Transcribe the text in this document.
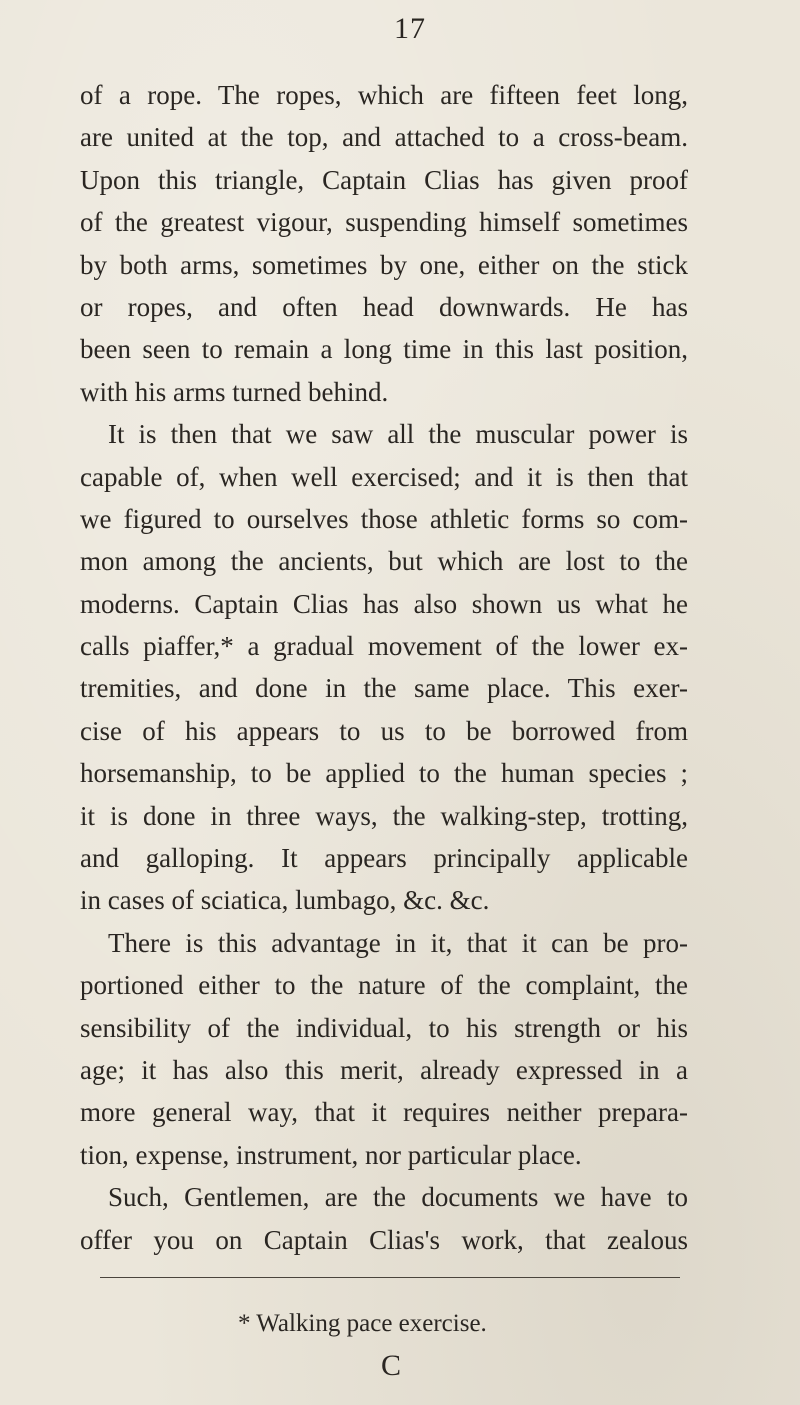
17
of a rope. The ropes, which are fifteen feet long,
are united at the top, and attached to a cross-beam.
Upon this triangle, Captain Clias has given proof
of the greatest vigour, suspending himself sometimes
by both arms, sometimes by one, either on the stick
or ropes, and often head downwards. He has
been seen to remain a long time in this last position,
with his arms turned behind.
It is then that we saw all the muscular power is
capable of, when well exercised; and it is then that
we figured to ourselves those athletic forms so com-
mon among the ancients, but which are lost to the
moderns. Captain Clias has also shown us what he
calls piaffer,* a gradual movement of the lower ex-
tremities, and done in the same place. This exer-
cise of his appears to us to be borrowed from
horsemanship, to be applied to the human species ;
it is done in three ways, the walking-step, trotting,
and galloping. It appears principally applicable
in cases of sciatica, lumbago, &c. &c.
There is this advantage in it, that it can be pro-
portioned either to the nature of the complaint, the
sensibility of the individual, to his strength or his
age; it has also this merit, already expressed in a
more general way, that it requires neither prepara-
tion, expense, instrument, nor particular place.
Such, Gentlemen, are the documents we have to
offer you on Captain Clias's work, that zealous
* Walking pace exercise.
C
